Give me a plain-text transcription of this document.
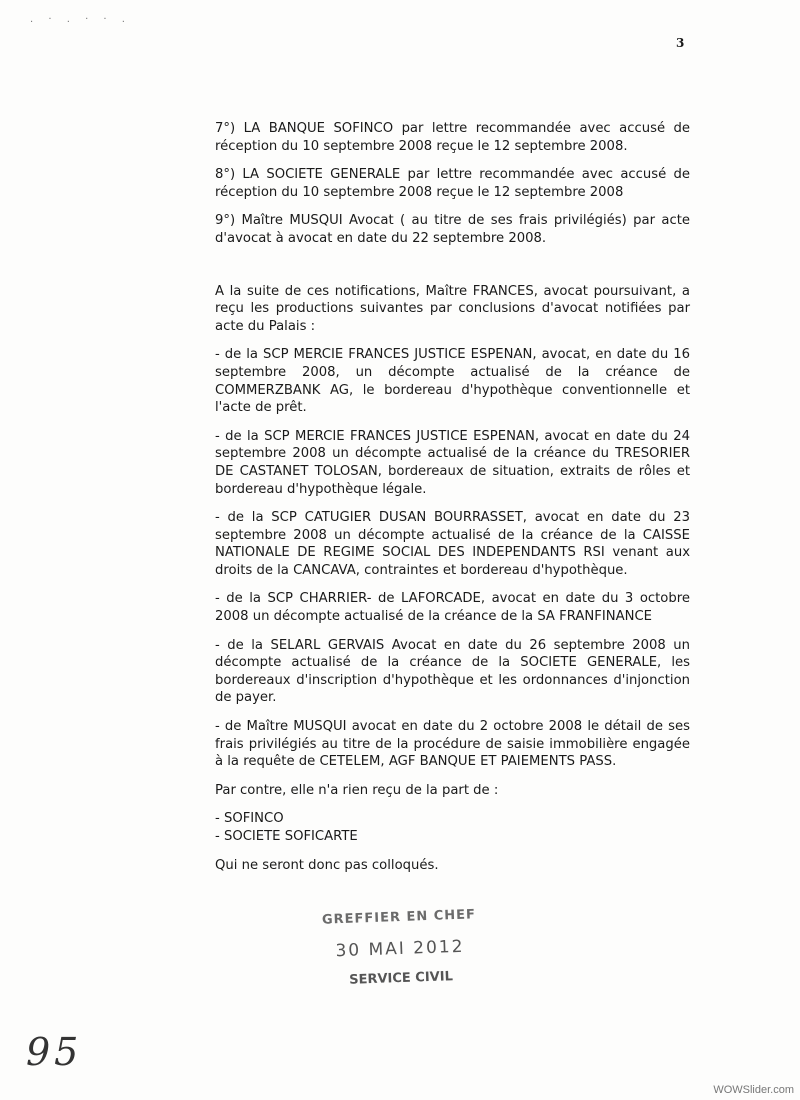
. · . · · .
3

7°) LA BANQUE SOFINCO par lettre recommandée avec accusé de réception du 10 septembre 2008 reçue le 12 septembre 2008.

8°) LA SOCIETE GENERALE par lettre recommandée avec accusé de réception du 10 septembre 2008 reçue le 12 septembre 2008

9°) Maître MUSQUI Avocat ( au titre de ses frais privilégiés) par acte d'avocat à avocat en date du 22 septembre 2008.

A la suite de ces notifications, Maître FRANCES, avocat poursuivant, a reçu les productions suivantes par conclusions d'avocat notifiées par acte du Palais :

- de la SCP MERCIE FRANCES JUSTICE ESPENAN, avocat, en date du 16 septembre 2008, un décompte actualisé de la créance de COMMERZBANK AG, le bordereau d'hypothèque conventionnelle et l'acte de prêt.

- de la SCP MERCIE FRANCES JUSTICE ESPENAN, avocat en date du 24 septembre 2008 un décompte actualisé de la créance du TRESORIER DE CASTANET TOLOSAN, bordereaux de situation, extraits de rôles et bordereau d'hypothèque légale.

- de la SCP CATUGIER DUSAN BOURRASSET, avocat en date du 23 septembre 2008 un décompte actualisé de la créance de la CAISSE NATIONALE DE REGIME SOCIAL DES INDEPENDANTS RSI venant aux droits de la CANCAVA, contraintes et bordereau d'hypothèque.

- de la SCP CHARRIER- de LAFORCADE, avocat en date du 3 octobre 2008 un décompte actualisé de la créance de la SA FRANFINANCE

- de la SELARL GERVAIS Avocat en date du 26 septembre 2008 un décompte actualisé de la créance de la SOCIETE GENERALE, les bordereaux d'inscription d'hypothèque et les ordonnances d'injonction de payer.

- de Maître MUSQUI avocat en date du 2 octobre 2008 le détail de ses frais privilégiés au titre de la procédure de saisie immobilière engagée à la requête de CETELEM, AGF BANQUE ET PAIEMENTS PASS.

Par contre, elle n'a rien reçu de la part de :

- SOFINCO
- SOCIETE SOFICARTE

Qui ne seront donc pas colloqués.

GREFFIER EN CHEF
30 MAI 2012
SERVICE CIVIL
95
WOWSlider.com
